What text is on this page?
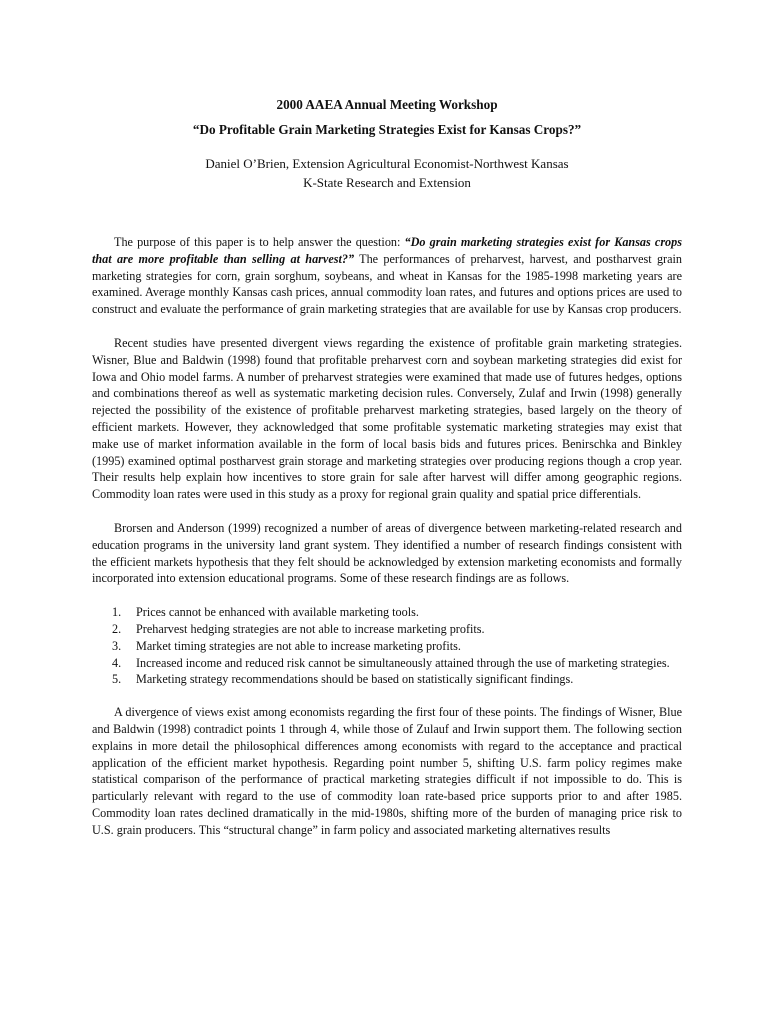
2000 AAEA Annual Meeting Workshop
“Do Profitable Grain Marketing Strategies Exist for Kansas Crops?”
Daniel O’Brien, Extension Agricultural Economist-Northwest Kansas
K-State Research and Extension

The purpose of this paper is to help answer the question: “Do grain marketing strategies exist for Kansas crops that are more profitable than selling at harvest?” The performances of preharvest, harvest, and postharvest grain marketing strategies for corn, grain sorghum, soybeans, and wheat in Kansas for the 1985-1998 marketing years are examined. Average monthly Kansas cash prices, annual commodity loan rates, and futures and options prices are used to construct and evaluate the performance of grain marketing strategies that are available for use by Kansas crop producers.

Recent studies have presented divergent views regarding the existence of profitable grain marketing strategies. Wisner, Blue and Baldwin (1998) found that profitable preharvest corn and soybean marketing strategies did exist for Iowa and Ohio model farms. A number of preharvest strategies were examined that made use of futures hedges, options and combinations thereof as well as systematic marketing decision rules. Conversely, Zulaf and Irwin (1998) generally rejected the possibility of the existence of profitable preharvest marketing strategies, based largely on the theory of efficient markets. However, they acknowledged that some profitable systematic marketing strategies may exist that make use of market information available in the form of local basis bids and futures prices. Benirschka and Binkley (1995) examined optimal postharvest grain storage and marketing strategies over producing regions though a crop year. Their results help explain how incentives to store grain for sale after harvest will differ among geographic regions. Commodity loan rates were used in this study as a proxy for regional grain quality and spatial price differentials.

Brorsen and Anderson (1999) recognized a number of areas of divergence between marketing-related research and education programs in the university land grant system. They identified a number of research findings consistent with the efficient markets hypothesis that they felt should be acknowledged by extension marketing economists and formally incorporated into extension educational programs. Some of these research findings are as follows.

1. Prices cannot be enhanced with available marketing tools.
2. Preharvest hedging strategies are not able to increase marketing profits.
3. Market timing strategies are not able to increase marketing profits.
4. Increased income and reduced risk cannot be simultaneously attained through the use of marketing strategies.
5. Marketing strategy recommendations should be based on statistically significant findings.

A divergence of views exist among economists regarding the first four of these points. The findings of Wisner, Blue and Baldwin (1998) contradict points 1 through 4, while those of Zulauf and Irwin support them. The following section explains in more detail the philosophical differences among economists with regard to the acceptance and practical application of the efficient market hypothesis. Regarding point number 5, shifting U.S. farm policy regimes make statistical comparison of the performance of practical marketing strategies difficult if not impossible to do. This is particularly relevant with regard to the use of commodity loan rate-based price supports prior to and after 1985. Commodity loan rates declined dramatically in the mid-1980s, shifting more of the burden of managing price risk to U.S. grain producers. This “structural change” in farm policy and associated marketing alternatives results
